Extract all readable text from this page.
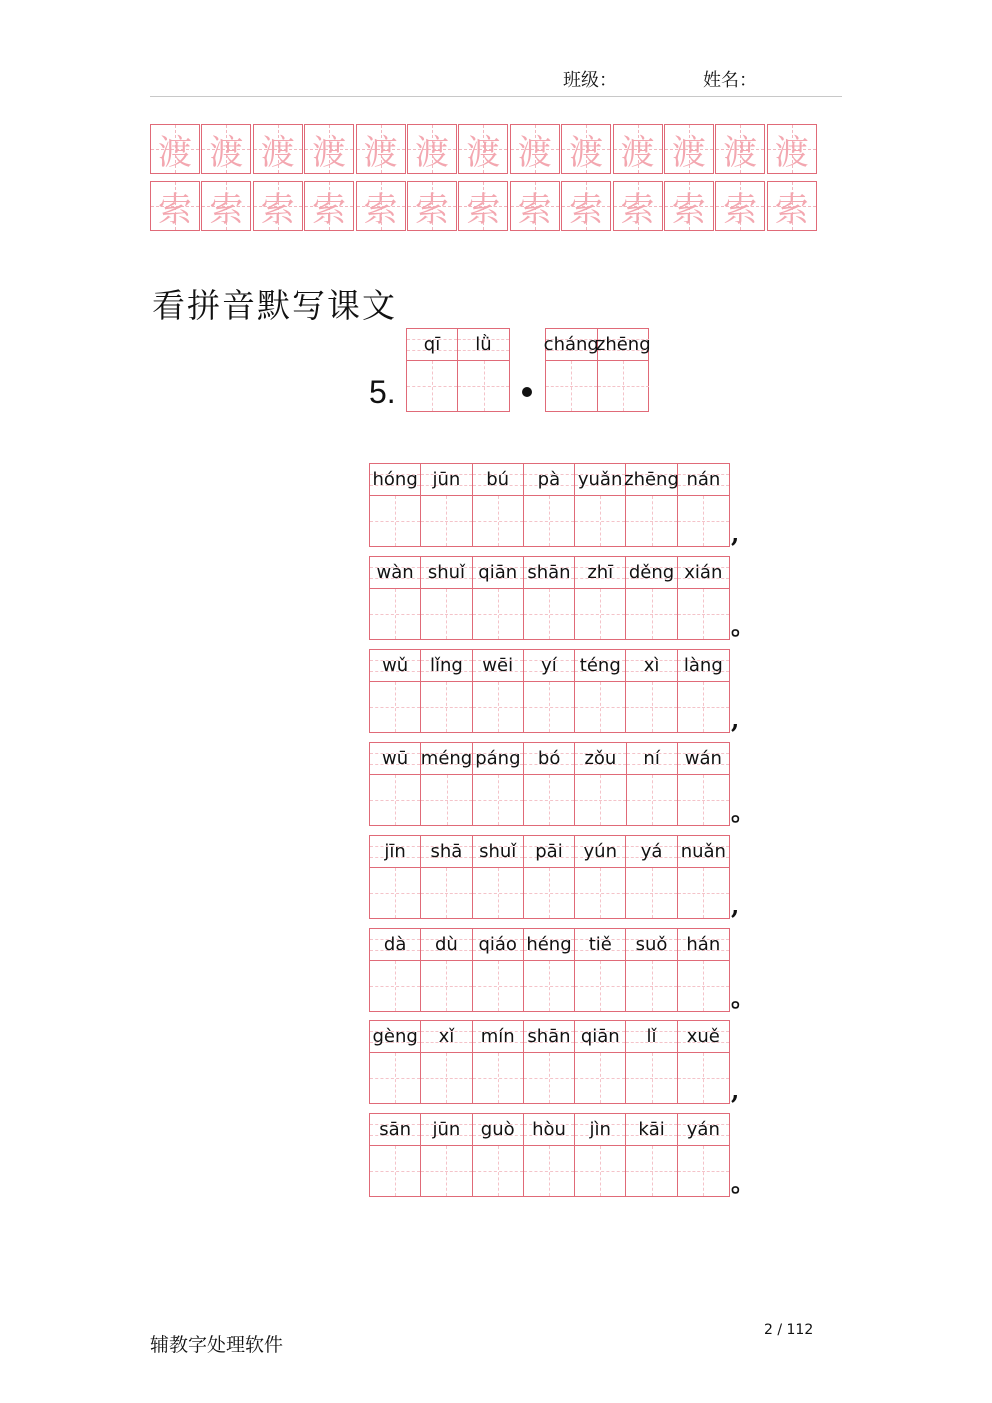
班级：	姓名：
渡 渡 渡 渡 渡 渡 渡 渡 渡 渡 渡 渡 渡
索 索 索 索 索 索 索 索 索 索 索 索 索
看拼音默写课文
5.
qī lǜ	cháng
zhēng
hóng jūn bú pà yuǎn zhēng nán
,
wàn shuǐ qiān shān zhī děng xián
。
wǔ lǐng wēi yí téng xì làng
,
wū méng páng bó zǒu ní wán
。
jīn shā shuǐ pāi yún yá nuǎn
,
dà dù qiáo héng tiě suǒ hán
。
gèng xǐ mín shān qiān lǐ xuě
,
sān jūn guò hòu jìn kāi yán
。
辅教字处理软件
2 / 112
